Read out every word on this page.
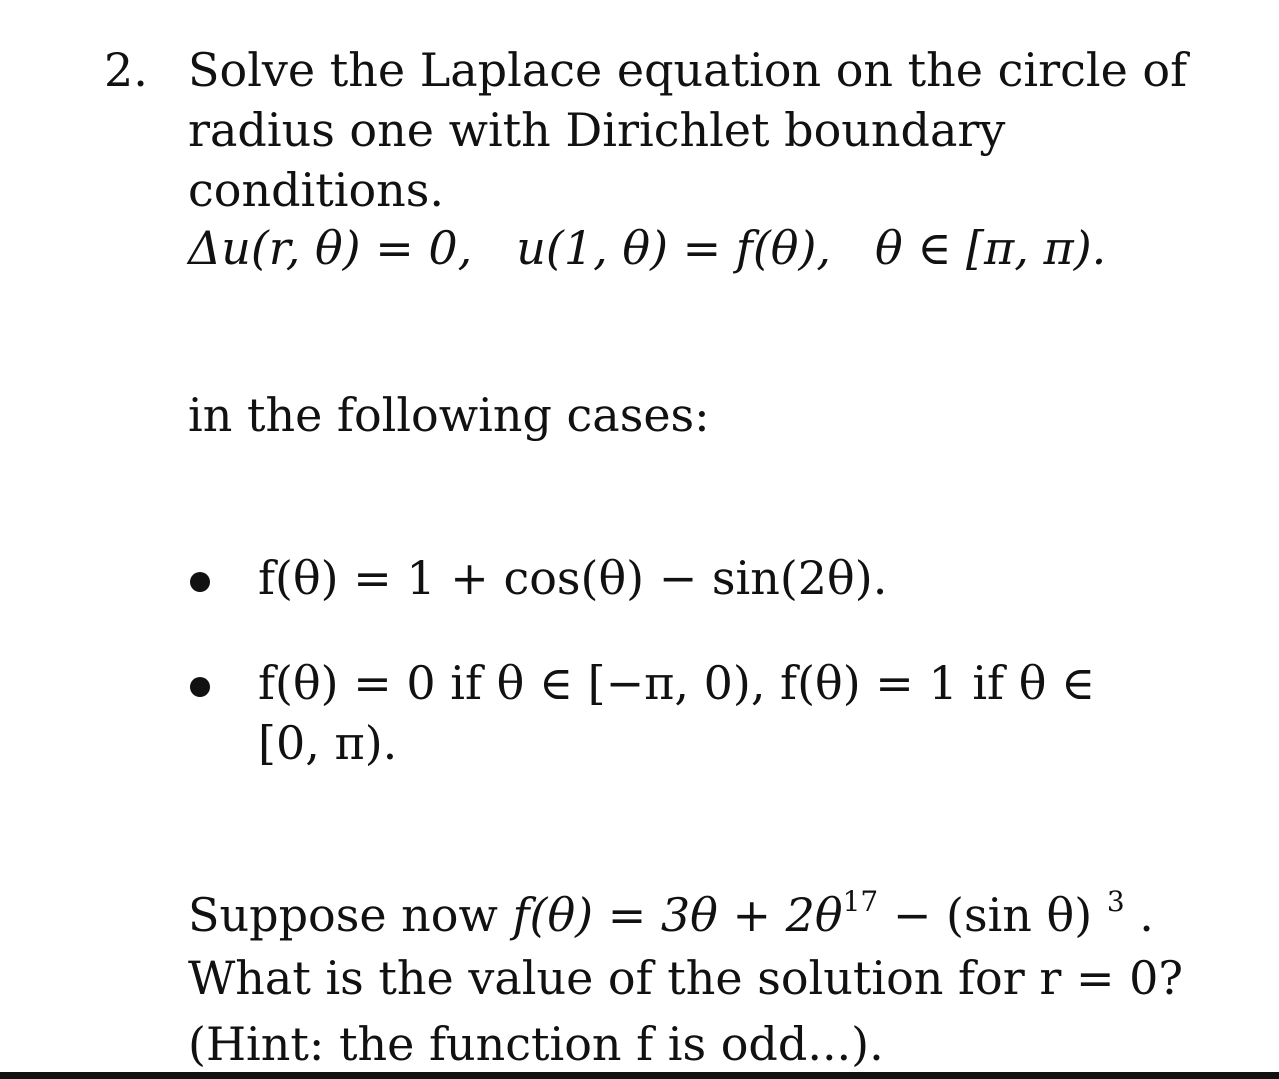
2. Solve the Laplace equation on the circle of
radius one with Dirichlet boundary
conditions.
Δu(r, θ) = 0, u(1, θ) = f(θ), θ ∈ [π, π).
in the following cases:
f(θ) = 1 + cos(θ) − sin(2θ).
f(θ) = 0 if θ ∈ [−π, 0), f(θ) = 1 if θ ∈
[0, π).
Suppose now $f(\theta) = 3\theta + 2\theta^{17} - (\sin$ θ) $^3$ .
What is the value of the solution for r = 0?
(Hint: the function f is odd...).
